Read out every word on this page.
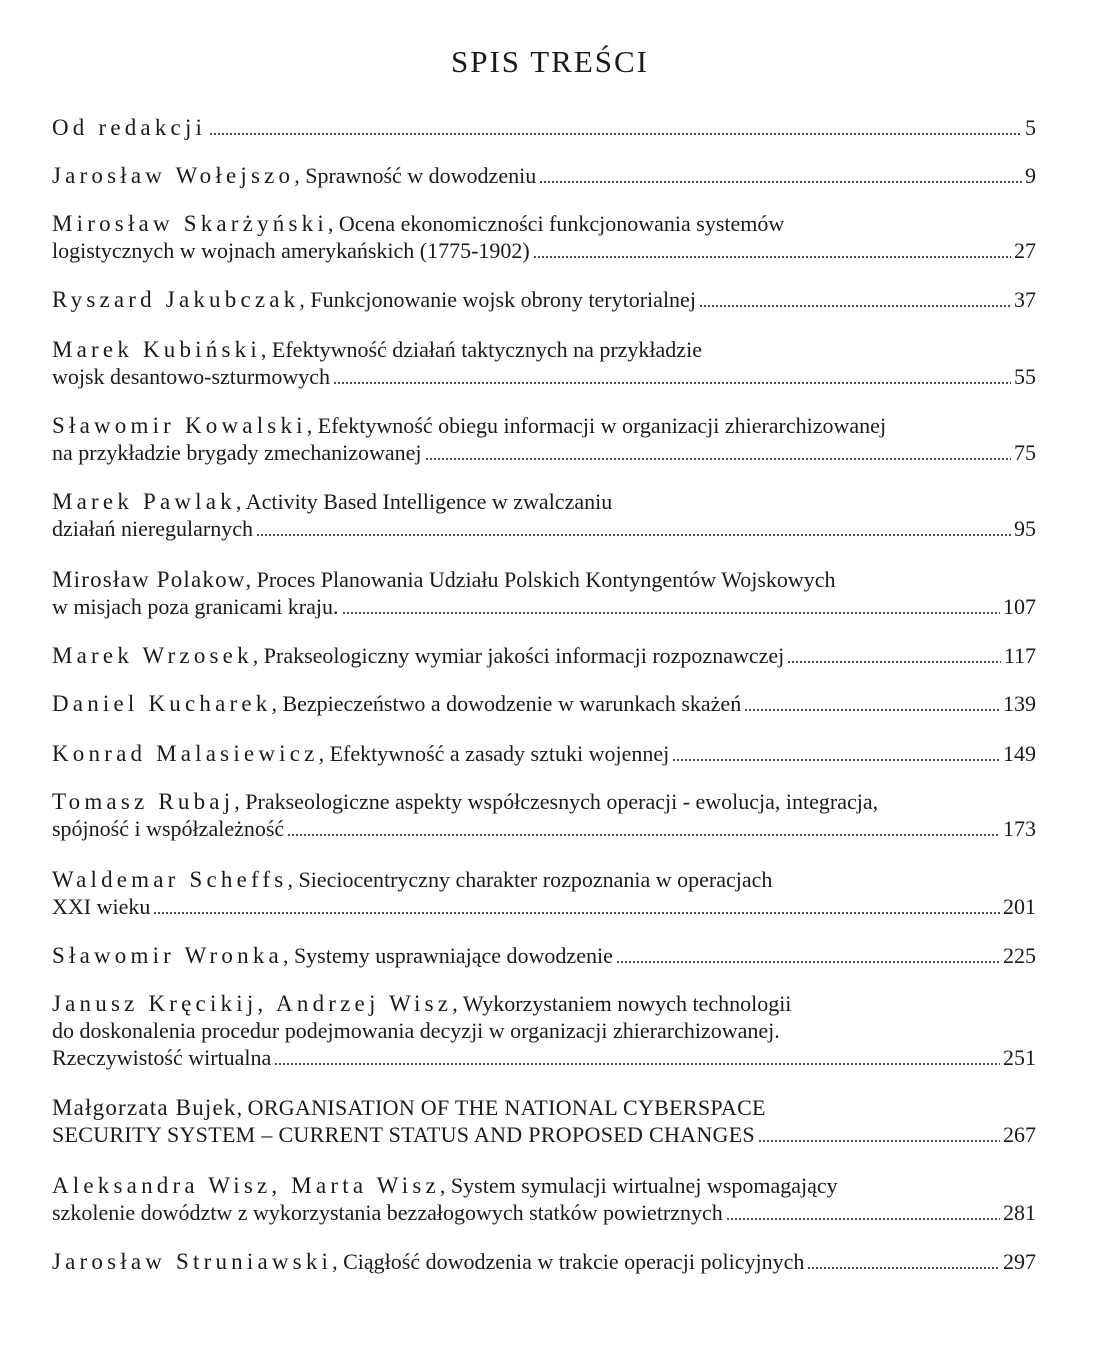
SPIS TREŚCI
Od redakcji	5
Jarosław Wołejszo, Sprawność w dowodzeniu	9
Mirosław Skarżyński, Ocena ekonomiczności funkcjonowania systemów
logistycznych w wojnach amerykańskich (1775-1902)	27
Ryszard Jakubczak, Funkcjonowanie wojsk obrony terytorialnej	37
Marek Kubiński, Efektywność działań taktycznych na przykładzie
wojsk desantowo-szturmowych	55
Sławomir Kowalski, Efektywność obiegu informacji w organizacji zhierarchizowanej
na przykładzie brygady zmechanizowanej	75
Marek Pawlak, Activity Based Intelligence w zwalczaniu
działań nieregularnych	95
Mirosław Polakow, Proces Planowania Udziału Polskich Kontyngentów Wojskowych
w misjach poza granicami kraju.	107
Marek Wrzosek, Prakseologiczny wymiar jakości informacji rozpoznawczej	117
Daniel Kucharek, Bezpieczeństwo a dowodzenie w warunkach skażeń	139
Konrad Malasiewicz, Efektywność a zasady sztuki wojennej	149
Tomasz Rubaj, Prakseologiczne aspekty współczesnych operacji - ewolucja, integracja,
spójność i współzależność	173
Waldemar Scheffs, Sieciocentryczny charakter rozpoznania w operacjach
XXI wieku	201
Sławomir Wronka, Systemy usprawniające dowodzenie	225
Janusz Kręcikij, Andrzej Wisz, Wykorzystaniem nowych technologii
do doskonalenia procedur podejmowania decyzji w organizacji zhierarchizowanej.
Rzeczywistość wirtualna	251
Małgorzata Bujek, ORGANISATION OF THE NATIONAL CYBERSPACE
SECURITY SYSTEM – CURRENT STATUS AND PROPOSED CHANGES	267
Aleksandra Wisz, Marta Wisz, System symulacji wirtualnej wspomagający
szkolenie dowództw z wykorzystania bezzałogowych statków powietrznych	281
Jarosław Struniawski, Ciągłość dowodzenia w trakcie operacji policyjnych	297
